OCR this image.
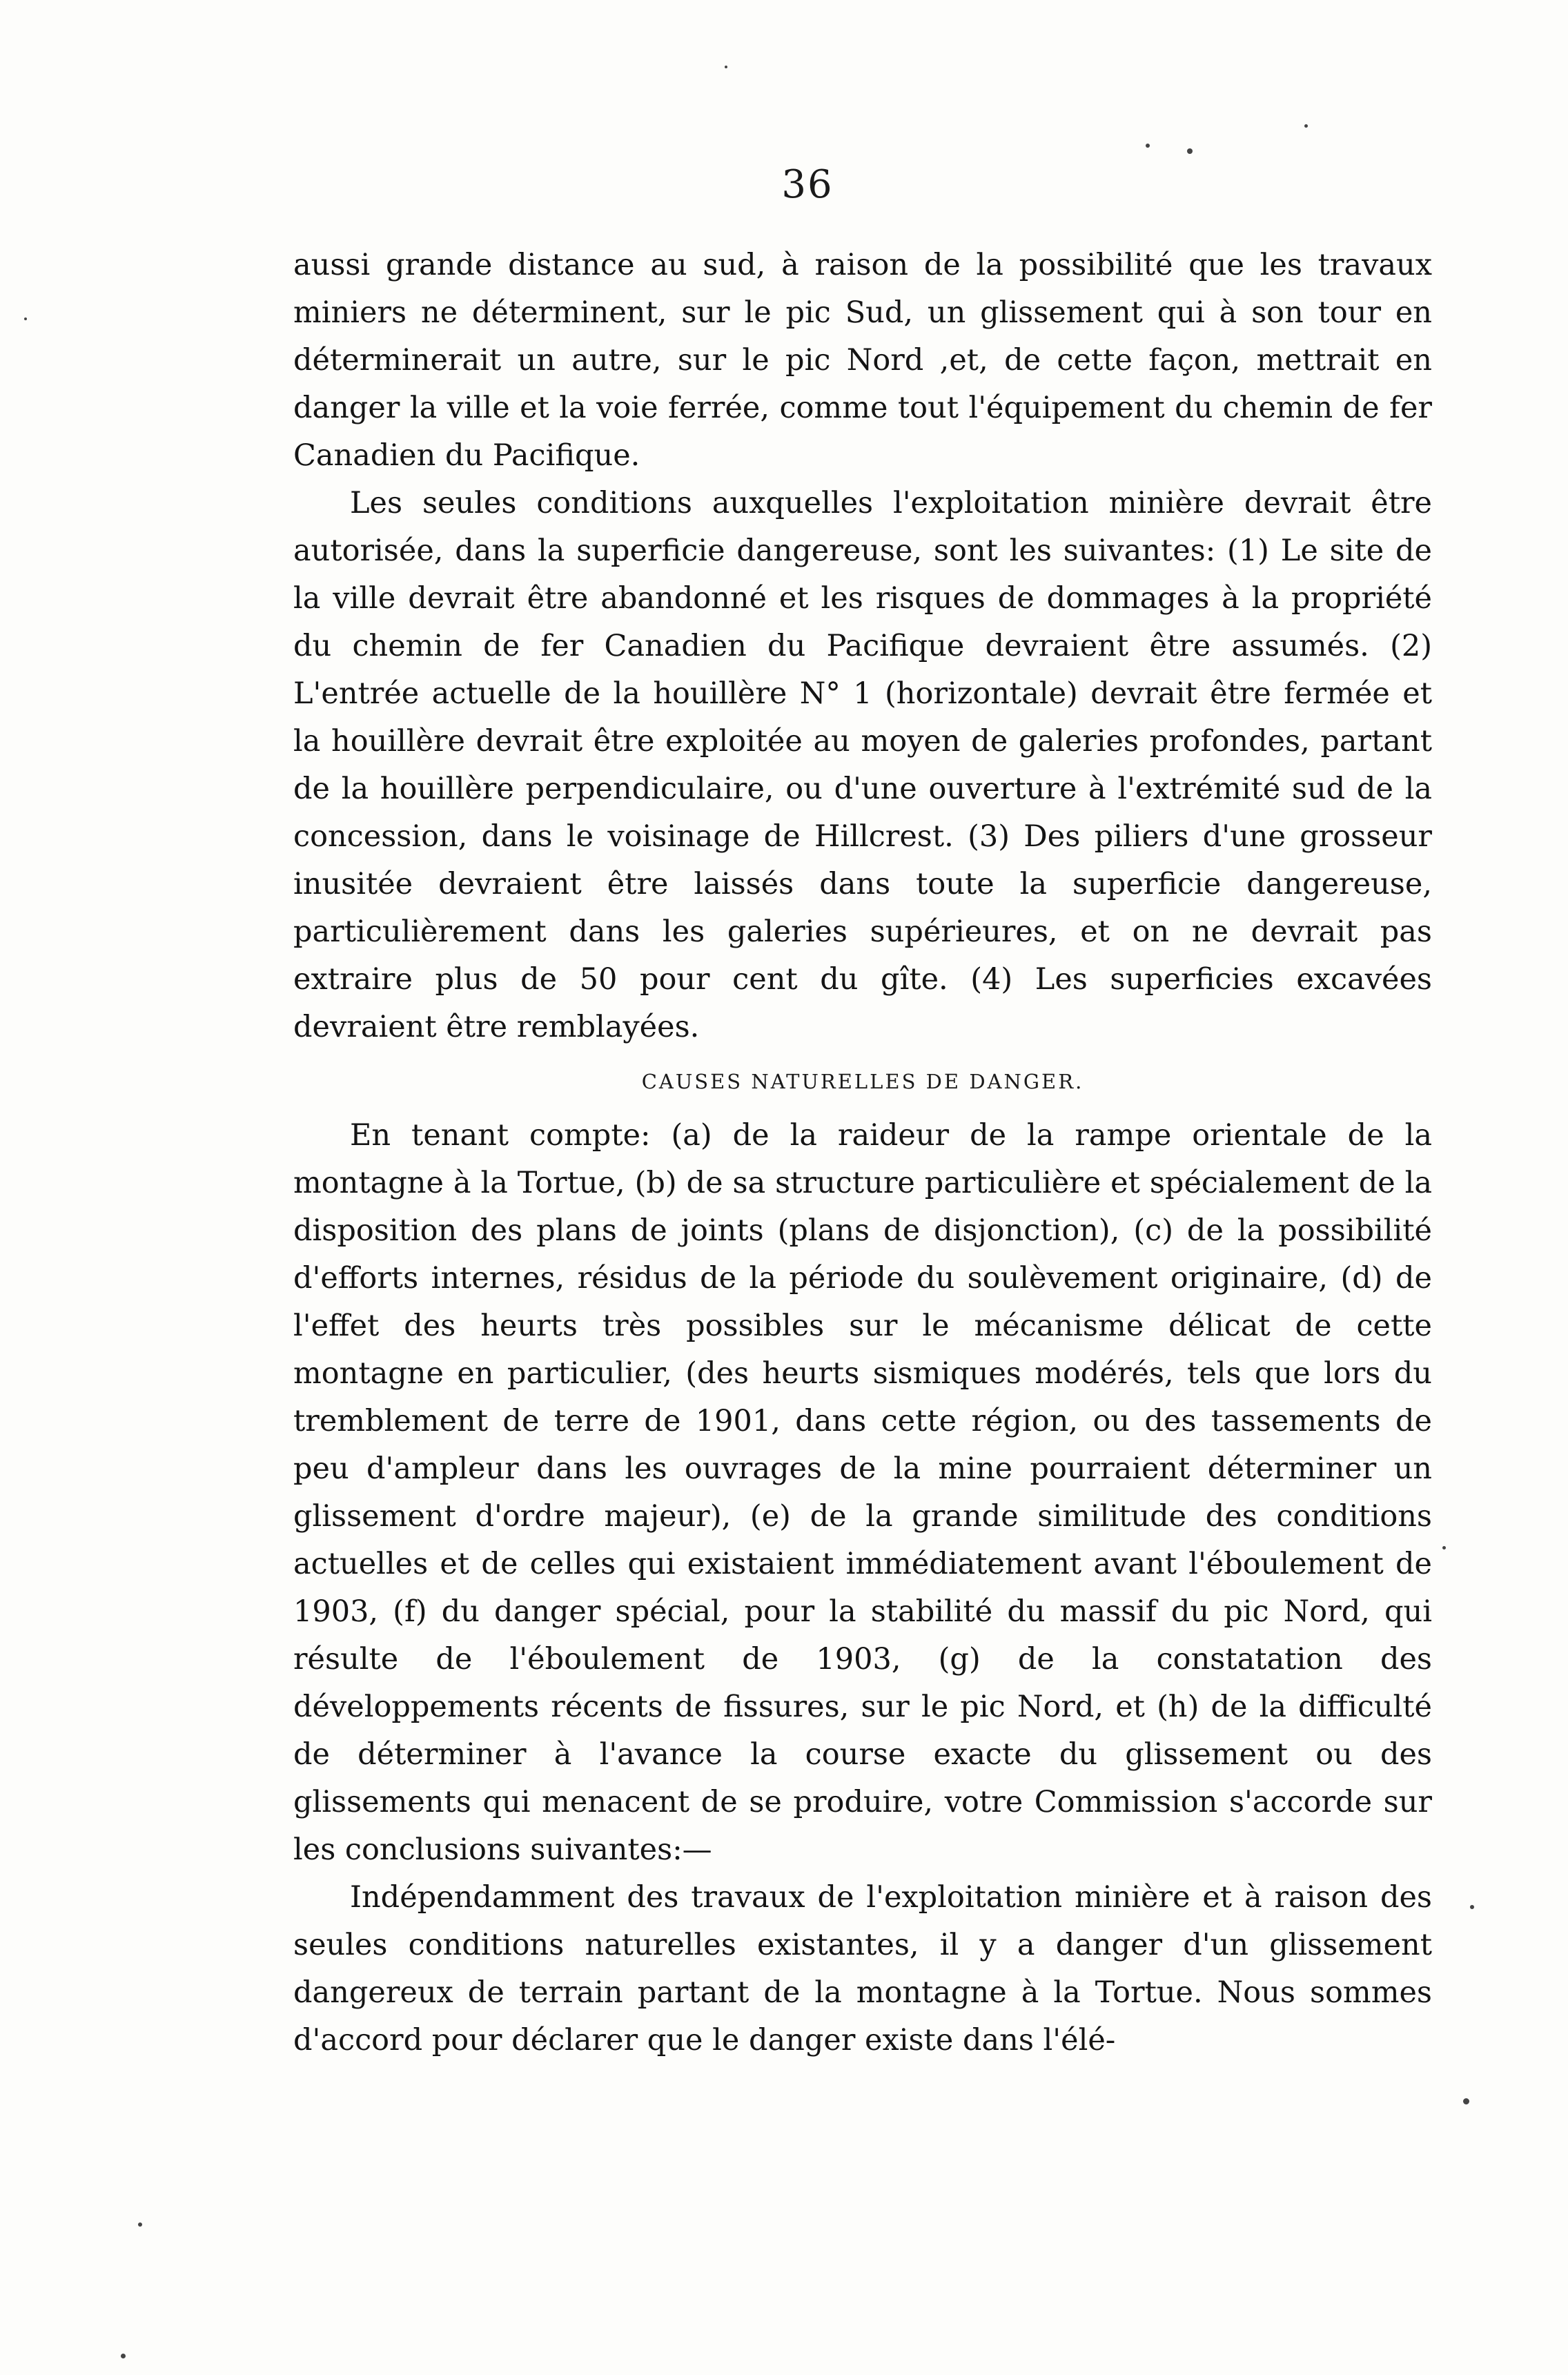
36

aussi grande distance au sud, à raison de la possibilité que les travaux miniers ne déterminent, sur le pic Sud, un glissement qui à son tour en déterminerait un autre, sur le pic Nord ,et, de cette façon, mettrait en danger la ville et la voie ferrée, comme tout l'équipement du chemin de fer Canadien du Pacifique.

Les seules conditions auxquelles l'exploitation minière devrait être autorisée, dans la superficie dangereuse, sont les suivantes: (1) Le site de la ville devrait être abandonné et les risques de dommages à la propriété du chemin de fer Canadien du Pacifique devraient être assumés. (2) L'entrée actuelle de la houillère N° 1 (horizontale) devrait être fermée et la houillère devrait être exploitée au moyen de galeries profondes, partant de la houillère perpendiculaire, ou d'une ouverture à l'extrémité sud de la concession, dans le voisinage de Hillcrest. (3) Des piliers d'une grosseur inusitée devraient être laissés dans toute la superficie dangereuse, particulièrement dans les galeries supérieures, et on ne devrait pas extraire plus de 50 pour cent du gîte. (4) Les superficies excavées devraient être remblayées.

CAUSES NATURELLES DE DANGER.

En tenant compte: (a) de la raideur de la rampe orientale de la montagne à la Tortue, (b) de sa structure particulière et spécialement de la disposition des plans de joints (plans de disjonction), (c) de la possibilité d'efforts internes, résidus de la période du soulèvement originaire, (d) de l'effet des heurts très possibles sur le mécanisme délicat de cette montagne en particulier, (des heurts sismiques modérés, tels que lors du tremblement de terre de 1901, dans cette région, ou des tassements de peu d'ampleur dans les ouvrages de la mine pourraient déterminer un glissement d'ordre majeur), (e) de la grande similitude des conditions actuelles et de celles qui existaient immédiatement avant l'éboulement de 1903, (f) du danger spécial, pour la stabilité du massif du pic Nord, qui résulte de l'éboulement de 1903, (g) de la constatation des développements récents de fissures, sur le pic Nord, et (h) de la difficulté de déterminer à l'avance la course exacte du glissement ou des glissements qui menacent de se produire, votre Commission s'accorde sur les conclusions suivantes:—

Indépendamment des travaux de l'exploitation minière et à raison des seules conditions naturelles existantes, il y a danger d'un glissement dangereux de terrain partant de la montagne à la Tortue. Nous sommes d'accord pour déclarer que le danger existe dans l'élé-
